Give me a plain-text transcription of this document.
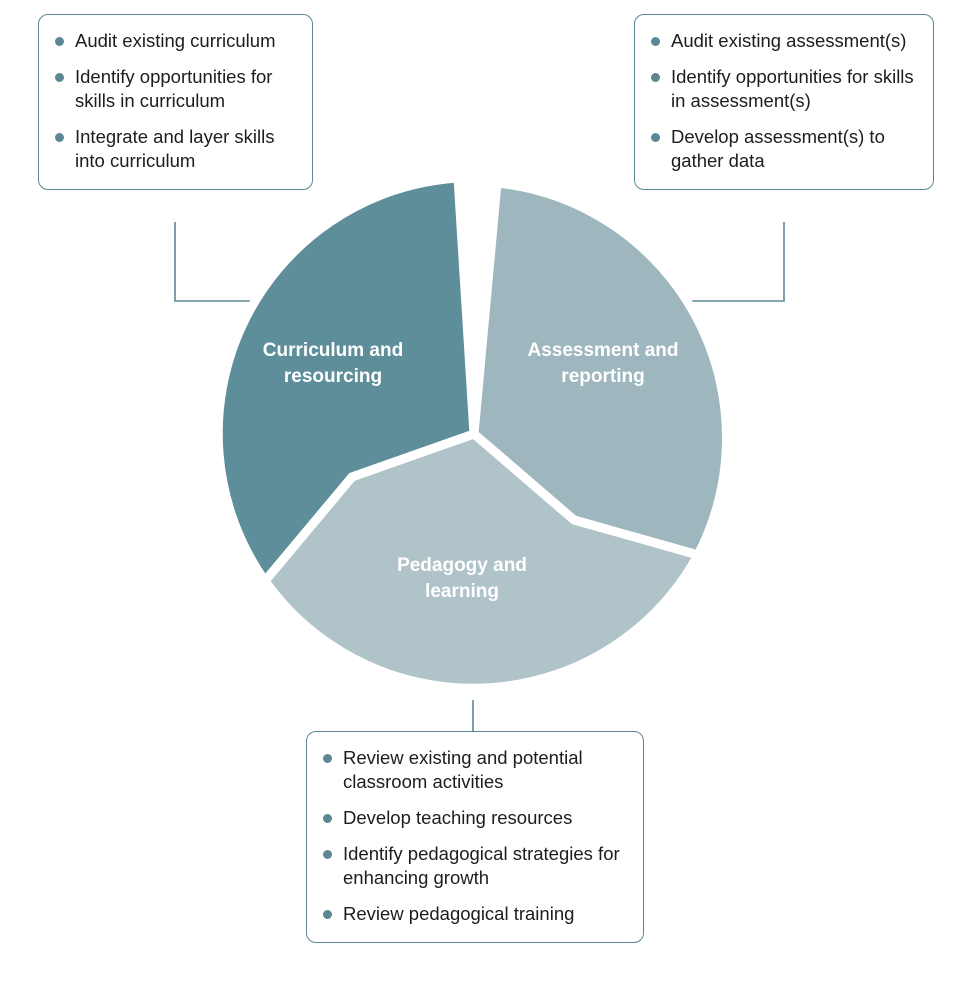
Curriculum and
resourcing
Assessment and
reporting
Pedagogy and
learning
Audit existing curriculum
Identify opportunities for skills in curriculum
Integrate and layer skills into curriculum
Audit existing assessment(s)
Identify opportunities for skills in assessment(s)
Develop assessment(s) to gather data
Review existing and potential classroom activities
Develop teaching resources
Identify pedagogical strategies for enhancing growth
Review pedagogical training
